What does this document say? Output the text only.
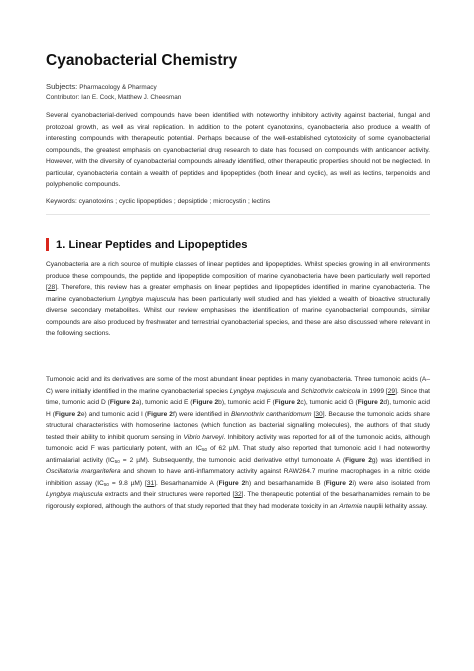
Cyanobacterial Chemistry
Subjects: Pharmacology & Pharmacy
Contributor: Ian E. Cock, Matthew J. Cheesman

Several cyanobacterial-derived compounds have been identified with noteworthy inhibitory activity against bacterial, fungal and protozoal growth, as well as viral replication. In addition to the potent cyanotoxins, cyanobacteria also produce a wealth of interesting compounds with therapeutic potential. Perhaps because of the well-established cytotoxicity of some cyanobacterial compounds, the greatest emphasis on cyanobacterial drug research to date has focused on compounds with anticancer activity. However, with the diversity of cyanobacterial compounds already identified, other therapeutic properties should not be neglected. In particular, cyanobacteria contain a wealth of peptides and lipopeptides (both linear and cyclic), as well as lectins, terpenoids and polyphenolic compounds.

Keywords: cyanotoxins ; cyclic lipopeptides ; depsiptide ; microcystin ; lectins

1. Linear Peptides and Lipopeptides

Cyanobacteria are a rich source of multiple classes of linear peptides and lipopeptides. Whilst species growing in all environments produce these compounds, the peptide and lipopeptide composition of marine cyanobacteria have been particularly well reported [28]. Therefore, this review has a greater emphasis on linear peptides and lipopeptides identified in marine cyanobacteria. The marine cyanobacterium Lyngbya majuscula has been particularly well studied and has yielded a wealth of bioactive structurally diverse secondary metabolites. Whilst our review emphasises the identification of marine cyanobacterial compounds, similar compounds are also produced by freshwater and terrestrial cyanobacterial species, and these are also discussed where relevant in the following sections.

Tumonoic acid and its derivatives are some of the most abundant linear peptides in many cyanobacteria. Three tumonoic acids (A–C) were initially identified in the marine cyanobacterial species Lyngbya majuscula and Schizothrix calcicola in 1999 [29]. Since that time, tumonic acid D (Figure 2a), tumonic acid E (Figure 2b), tumonic acid F (Figure 2c), tumonic acid G (Figure 2d), tumonic acid H (Figure 2e) and tumonic acid I (Figure 2f) were identified in Blennothrix cantharidomum [30]. Because the tumonoic acids share structural characteristics with homoserine lactones (which function as bacterial signalling molecules), the authors of that study tested their ability to inhibit quorum sensing in Vibrio harveyi. Inhibitory activity was reported for all of the tumonoic acids, although tumonoic acid F was particularly potent, with an $IC_{50}$ of 62 µM. That study also reported that tumonoic acid I had noteworthy antimalarial activity ($IC_{50} = 2$ µM). Subsequently, the tumonoic acid derivative ethyl tumonoate A (Figure 2g) was identified in Oscillatoria margaritefera and shown to have anti-inflammatory activity against RAW264.7 murine macrophages in a nitric oxide inhibition assay ($IC_{50} = 9.8$ µM) [31]. Besarhanamide A (Figure 2h) and besarhanamide B (Figure 2i) were also isolated from Lyngbya majuscula extracts and their structures were reported [32]. The therapeutic potential of the besarhanamides remain to be rigorously explored, although the authors of that study reported that they had moderate toxicity in an Artemia nauplii lethality assay.
